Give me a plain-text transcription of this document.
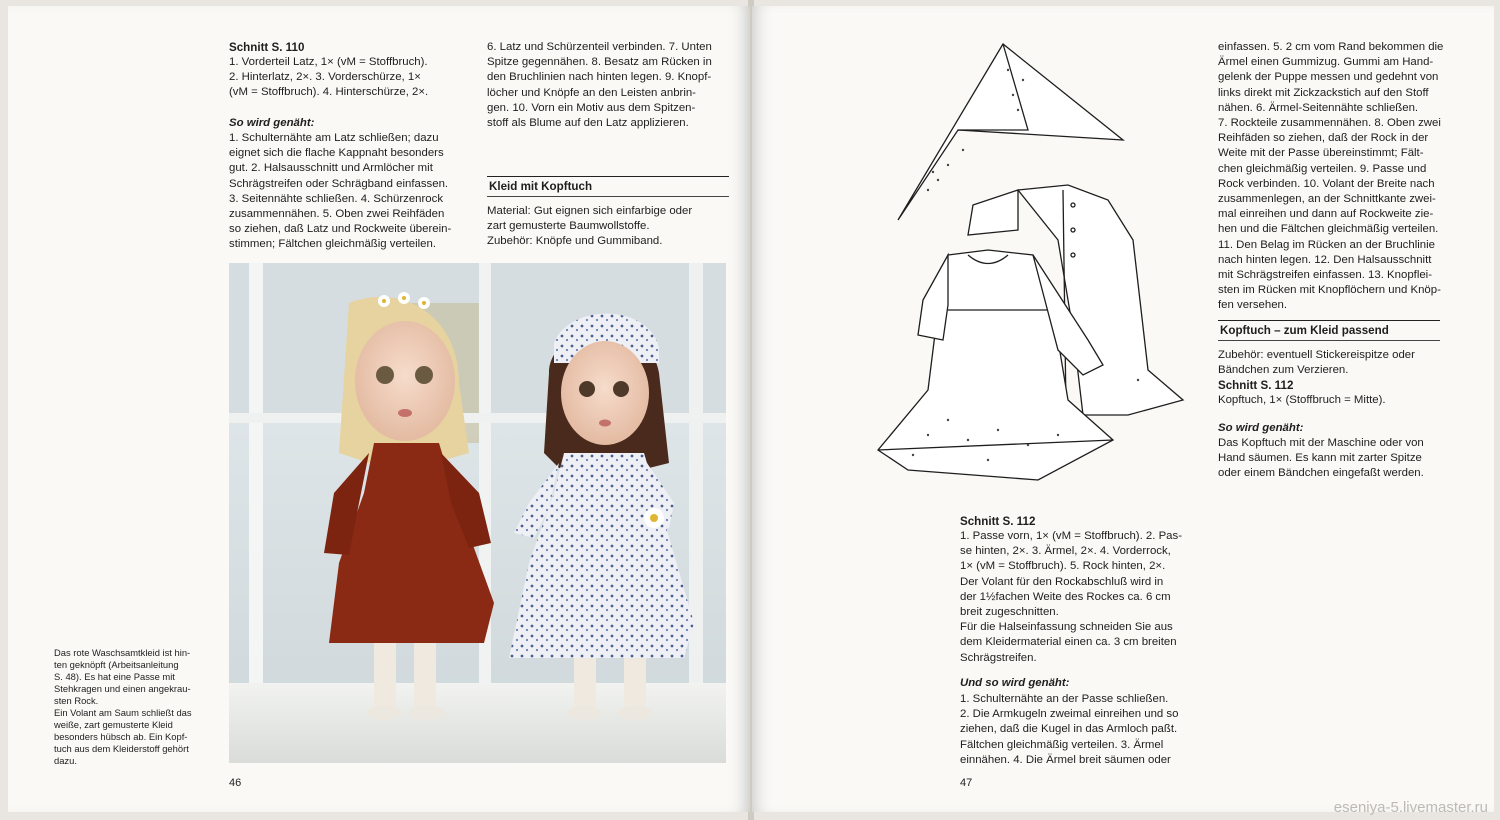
Schnitt S. 110
1. Vorderteil Latz, 1× (vM = Stoffbruch).
2. Hinterlatz, 2×. 3. Vorderschürze, 1×
(vM = Stoffbruch). 4. Hinterschürze, 2×.
So wird genäht:
1. Schulternähte am Latz schließen; dazu
eignet sich die flache Kappnaht besonders
gut. 2. Halsausschnitt und Armlöcher mit
Schrägstreifen oder Schrägband einfassen.
3. Seitennähte schließen. 4. Schürzenrock
zusammennähen. 5. Oben zwei Reihfäden
so ziehen, daß Latz und Rockweite überein-
stimmen; Fältchen gleichmäßig verteilen.
6. Latz und Schürzenteil verbinden. 7. Unten
Spitze gegennähen. 8. Besatz am Rücken in
den Bruchlinien nach hinten legen. 9. Knopf-
löcher und Knöpfe an den Leisten anbrin-
gen. 10. Vorn ein Motiv aus dem Spitzen-
stoff als Blume auf den Latz applizieren.
Kleid mit Kopftuch
Material: Gut eignen sich einfarbige oder
zart gemusterte Baumwollstoffe.
Zubehör: Knöpfe und Gummiband.
Das rote Waschsamtkleid ist hin-
ten geknöpft (Arbeitsanleitung
S. 48). Es hat eine Passe mit
Stehkragen und einen angekrau-
sten Rock.
Ein Volant am Saum schließt das
weiße, zart gemusterte Kleid
besonders hübsch ab. Ein Kopf-
tuch aus dem Kleiderstoff gehört
dazu.
46
einfassen. 5. 2 cm vom Rand bekommen die
Ärmel einen Gummizug. Gummi am Hand-
gelenk der Puppe messen und gedehnt von
links direkt mit Zickzackstich auf den Stoff
nähen. 6. Ärmel-Seitennähte schließen.
7. Rockteile zusammennähen. 8. Oben zwei
Reihfäden so ziehen, daß der Rock in der
Weite mit der Passe übereinstimmt; Fält-
chen gleichmäßig verteilen. 9. Passe und
Rock verbinden. 10. Volant der Breite nach
zusammenlegen, an der Schnittkante zwei-
mal einreihen und dann auf Rockweite zie-
hen und die Fältchen gleichmäßig verteilen.
11. Den Belag im Rücken an der Bruchlinie
nach hinten legen. 12. Den Halsausschnitt
mit Schrägstreifen einfassen. 13. Knopflei-
sten im Rücken mit Knopflöchern und Knöp-
fen versehen.
Kopftuch – zum Kleid passend
Zubehör: eventuell Stickereispitze oder
Bändchen zum Verzieren.
Schnitt S. 112
Kopftuch, 1× (Stoffbruch = Mitte).
So wird genäht:
Das Kopftuch mit der Maschine oder von
Hand säumen. Es kann mit zarter Spitze
oder einem Bändchen eingefaßt werden.
Schnitt S. 112
1. Passe vorn, 1× (vM = Stoffbruch). 2. Pas-
se hinten, 2×. 3. Ärmel, 2×. 4. Vorderrock,
1× (vM = Stoffbruch). 5. Rock hinten, 2×.
Der Volant für den Rockabschluß wird in
der 1½fachen Weite des Rockes ca. 6 cm
breit zugeschnitten.
Für die Halseinfassung schneiden Sie aus
dem Kleidermaterial einen ca. 3 cm breiten
Schrägstreifen.
Und so wird genäht:
1. Schulternähte an der Passe schließen.
2. Die Armkugeln zweimal einreihen und so
ziehen, daß die Kugel in das Armloch paßt.
Fältchen gleichmäßig verteilen. 3. Ärmel
einnähen. 4. Die Ärmel breit säumen oder
47
eseniya-5.livemaster.ru
